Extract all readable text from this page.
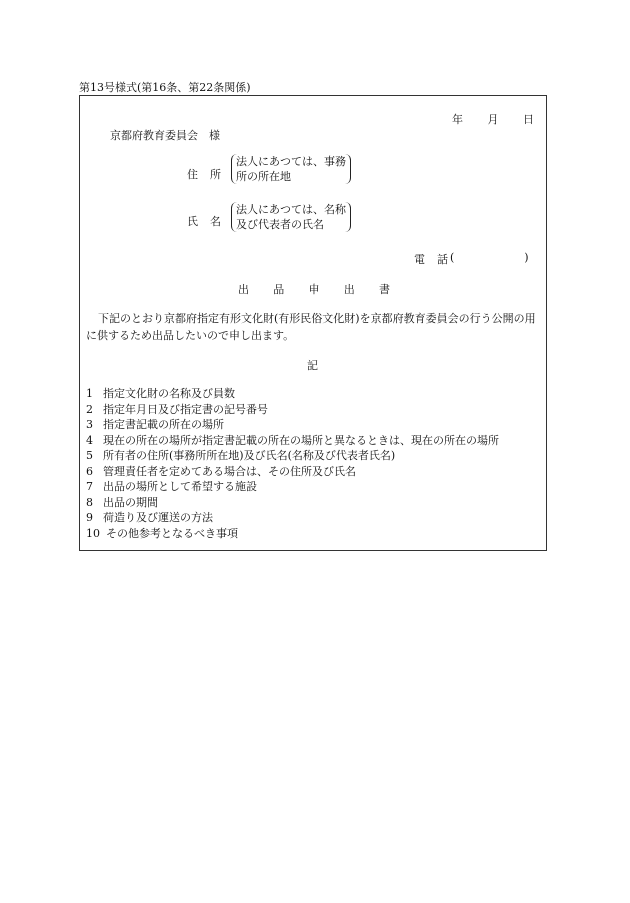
第13号様式(第16条、第22条関係)
年 月 日
京都府教育委員会　様
住 所
法人にあつては、事務
所の所在地
氏 名
法人にあつては、名称
及び代表者の氏名
電 話 (	)
出 品 申 出 書
下記のとおり京都府指定有形文化財(有形民俗文化財)を京都府教育委員会の行う公開の用に供するため出品したいので申し出ます。
記
1 指定文化財の名称及び員数
2 指定年月日及び指定書の記号番号
3 指定書記載の所在の場所
4 現在の所在の場所が指定書記載の所在の場所と異なるときは、現在の所在の場所
5 所有者の住所(事務所所在地)及び氏名(名称及び代表者氏名)
6 管理責任者を定めてある場合は、その住所及び氏名
7 出品の場所として希望する施設
8 出品の期間
9 荷造り及び運送の方法
10 その他参考となるべき事項
